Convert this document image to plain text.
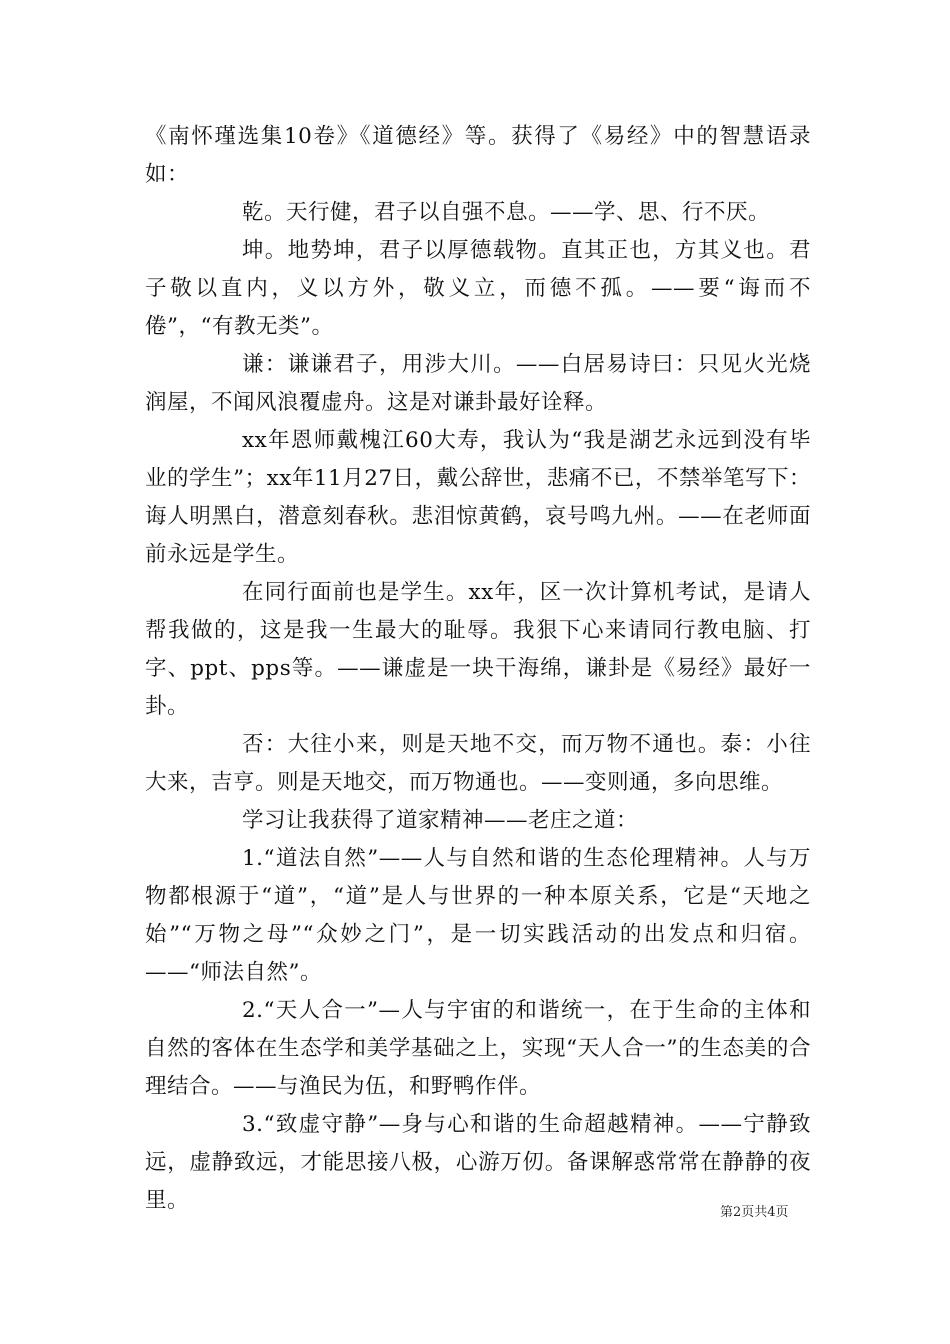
《南怀瑾选集10卷》《道德经》等。获得了《易经》中的智慧语录如：

乾。天行健，君子以自强不息。——学、思、行不厌。

坤。地势坤，君子以厚德载物。直其正也，方其义也。君子敬以直内，义以方外，敬义立，而德不孤。——要“诲而不倦”，“有教无类”。

谦：谦谦君子，用涉大川。——白居易诗曰：只见火光烧润屋，不闻风浪覆虚舟。这是对谦卦最好诠释。

xx年恩师戴槐江60大寿，我认为“我是湖艺永远到没有毕业的学生”；xx年11月27日，戴公辞世，悲痛不已，不禁举笔写下：诲人明黑白，潜意刻春秋。悲泪惊黄鹤，哀号鸣九州。——在老师面前永远是学生。

在同行面前也是学生。xx年，区一次计算机考试，是请人帮我做的，这是我一生最大的耻辱。我狠下心来请同行教电脑、打字、ppt、pps等。——谦虚是一块干海绵，谦卦是《易经》最好一卦。

否：大往小来，则是天地不交，而万物不通也。泰：小往大来，吉亨。则是天地交，而万物通也。——变则通，多向思维。

学习让我获得了道家精神——老庄之道：

1.“道法自然”——人与自然和谐的生态伦理精神。人与万物都根源于“道”，“道”是人与世界的一种本原关系，它是“天地之始”“万物之母”“众妙之门”，是一切实践活动的出发点和归宿。——“师法自然”。

2.“天人合一”—人与宇宙的和谐统一，在于生命的主体和自然的客体在生态学和美学基础之上，实现“天人合一”的生态美的合理结合。——与渔民为伍，和野鸭作伴。

3.“致虚守静”—身与心和谐的生命超越精神。——宁静致远，虚静致远，才能思接八极，心游万仞。备课解惑常常在静静的夜里。	第2页共4页
